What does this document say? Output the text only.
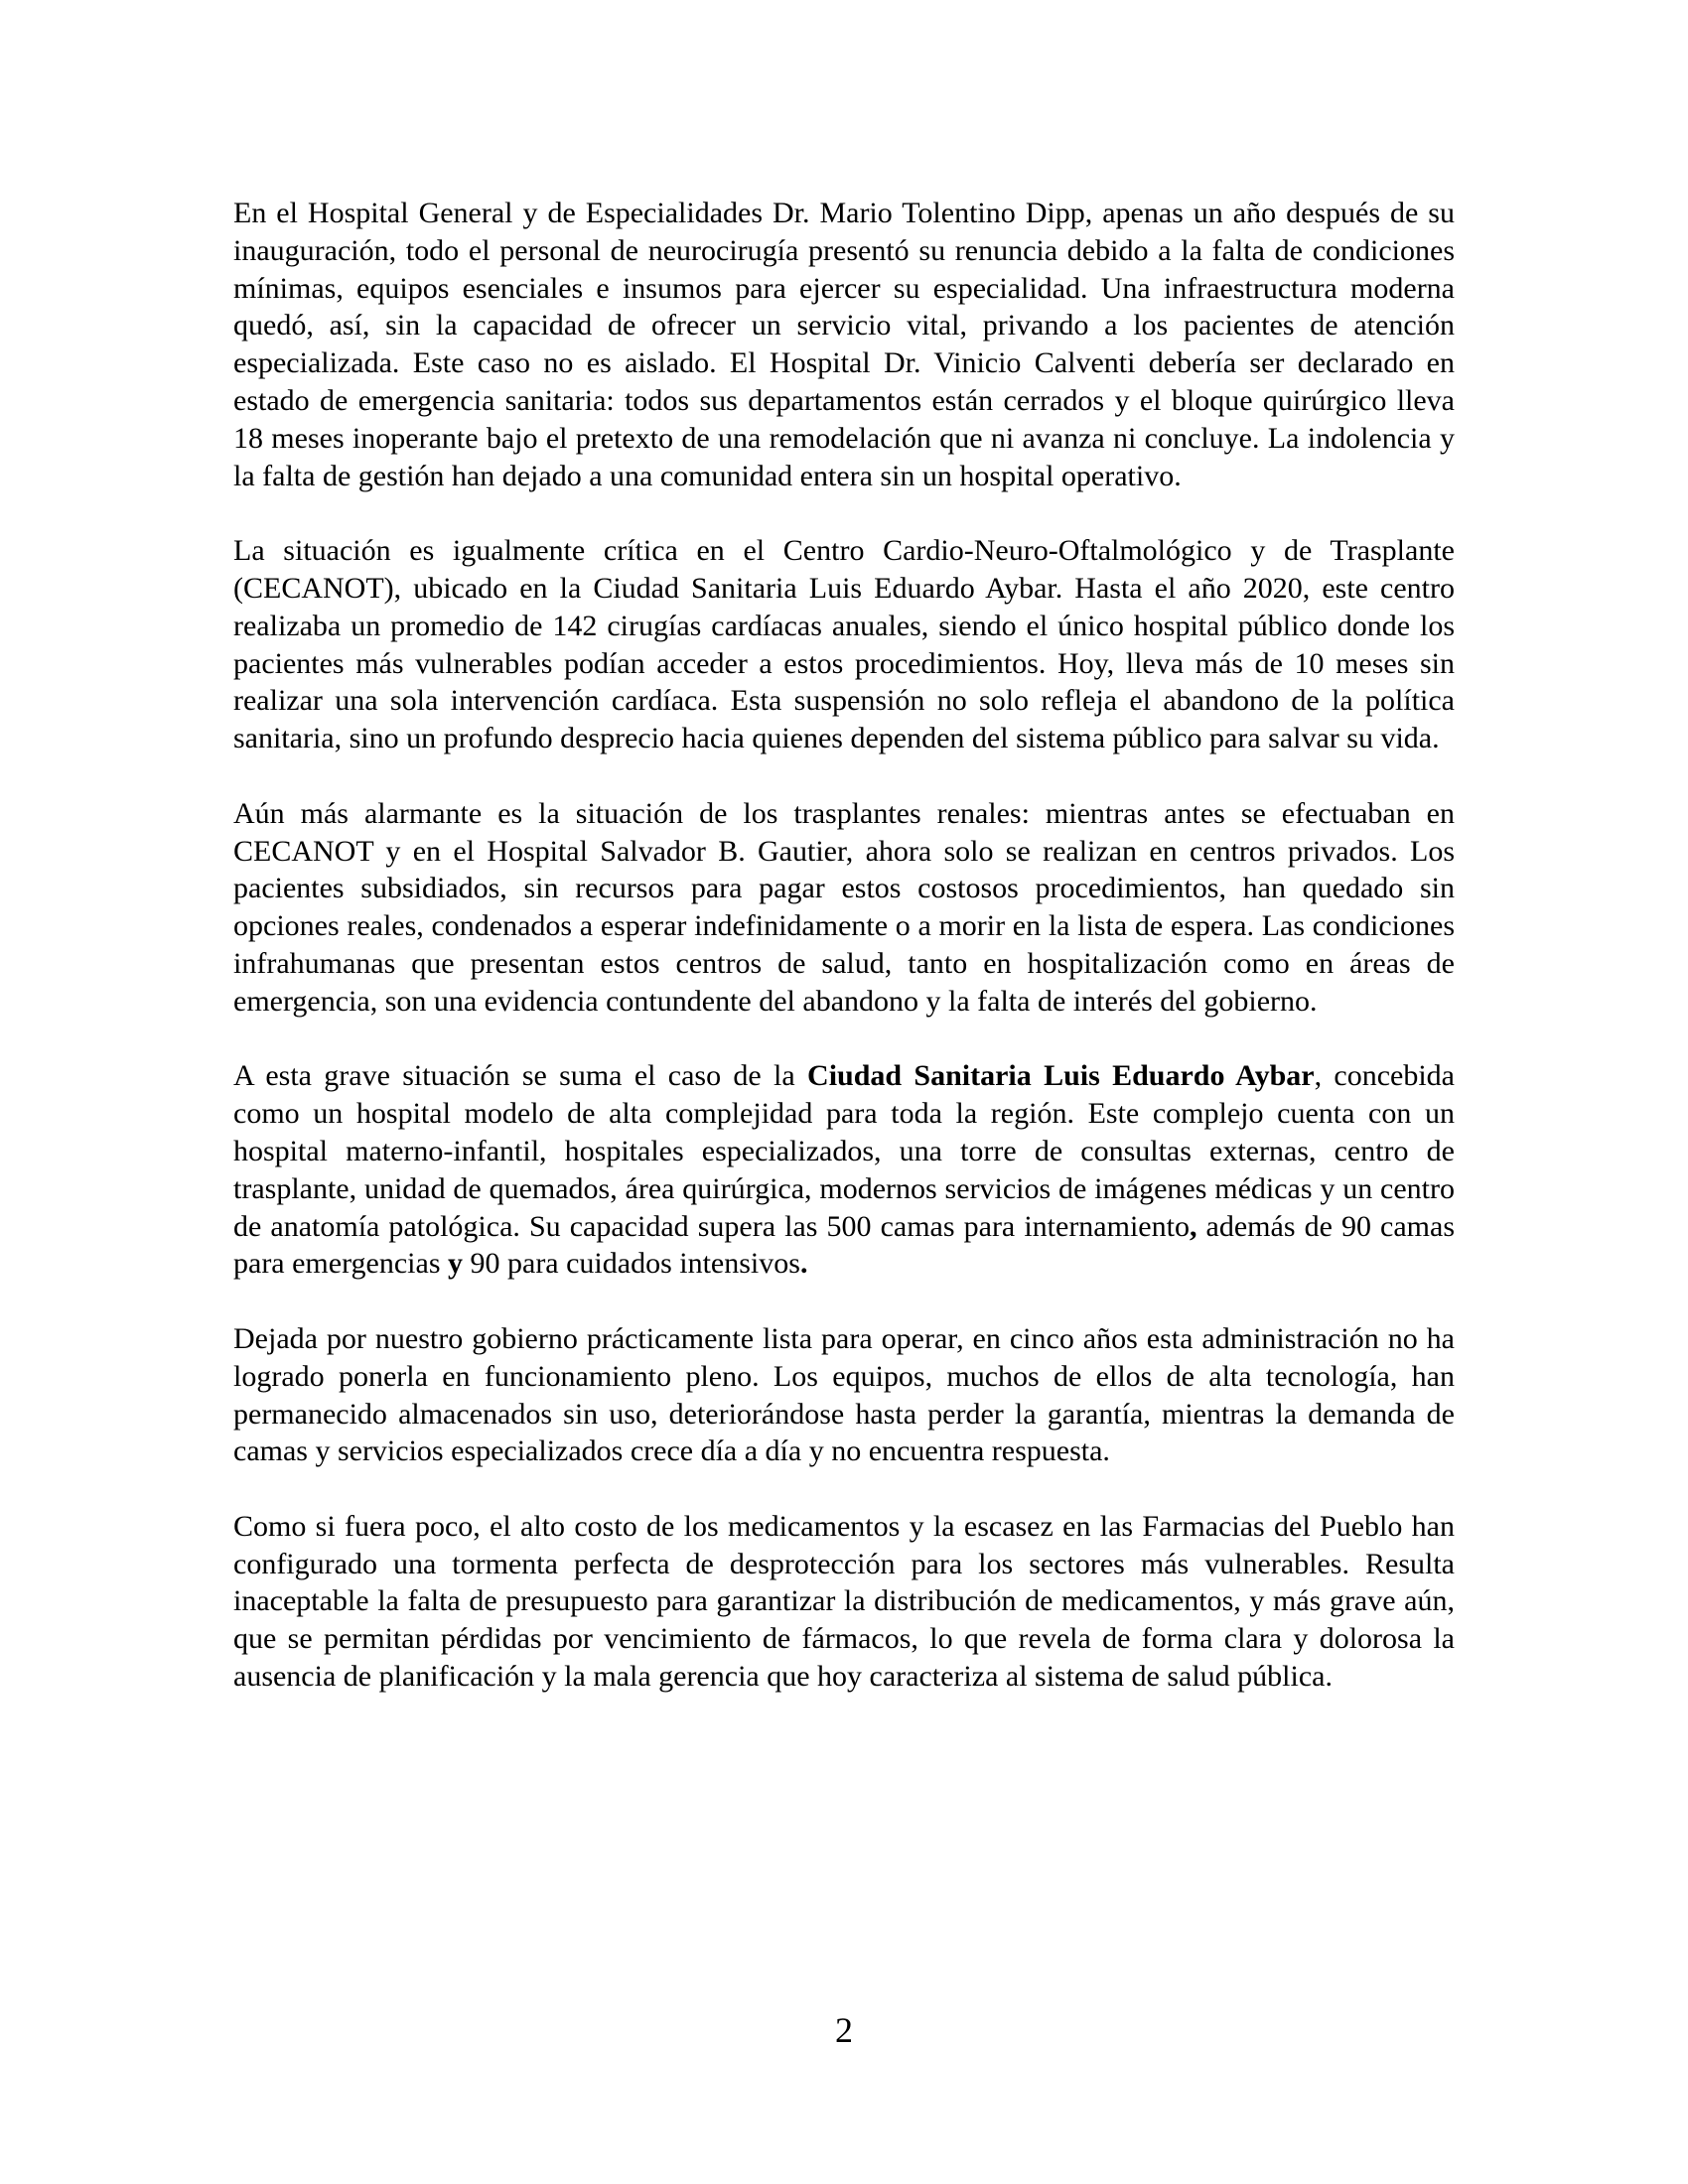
En el Hospital General y de Especialidades Dr. Mario Tolentino Dipp, apenas un año después de su inauguración, todo el personal de neurocirugía presentó su renuncia debido a la falta de condiciones mínimas, equipos esenciales e insumos para ejercer su especialidad. Una infraestructura moderna quedó, así, sin la capacidad de ofrecer un servicio vital, privando a los pacientes de atención especializada. Este caso no es aislado. El Hospital Dr. Vinicio Calventi debería ser declarado en estado de emergencia sanitaria: todos sus departamentos están cerrados y el bloque quirúrgico lleva 18 meses inoperante bajo el pretexto de una remodelación que ni avanza ni concluye. La indolencia y la falta de gestión han dejado a una comunidad entera sin un hospital operativo.

La situación es igualmente crítica en el Centro Cardio-Neuro-Oftalmológico y de Trasplante (CECANOT), ubicado en la Ciudad Sanitaria Luis Eduardo Aybar. Hasta el año 2020, este centro realizaba un promedio de 142 cirugías cardíacas anuales, siendo el único hospital público donde los pacientes más vulnerables podían acceder a estos procedimientos. Hoy, lleva más de 10 meses sin realizar una sola intervención cardíaca. Esta suspensión no solo refleja el abandono de la política sanitaria, sino un profundo desprecio hacia quienes dependen del sistema público para salvar su vida.

Aún más alarmante es la situación de los trasplantes renales: mientras antes se efectuaban en CECANOT y en el Hospital Salvador B. Gautier, ahora solo se realizan en centros privados. Los pacientes subsidiados, sin recursos para pagar estos costosos procedimientos, han quedado sin opciones reales, condenados a esperar indefinidamente o a morir en la lista de espera. Las condiciones infrahumanas que presentan estos centros de salud, tanto en hospitalización como en áreas de emergencia, son una evidencia contundente del abandono y la falta de interés del gobierno.

A esta grave situación se suma el caso de la Ciudad Sanitaria Luis Eduardo Aybar, concebida como un hospital modelo de alta complejidad para toda la región. Este complejo cuenta con un hospital materno-infantil, hospitales especializados, una torre de consultas externas, centro de trasplante, unidad de quemados, área quirúrgica, modernos servicios de imágenes médicas y un centro de anatomía patológica. Su capacidad supera las 500 camas para internamiento, además de 90 camas para emergencias y 90 para cuidados intensivos.

Dejada por nuestro gobierno prácticamente lista para operar, en cinco años esta administración no ha logrado ponerla en funcionamiento pleno. Los equipos, muchos de ellos de alta tecnología, han permanecido almacenados sin uso, deteriorándose hasta perder la garantía, mientras la demanda de camas y servicios especializados crece día a día y no encuentra respuesta.

Como si fuera poco, el alto costo de los medicamentos y la escasez en las Farmacias del Pueblo han configurado una tormenta perfecta de desprotección para los sectores más vulnerables. Resulta inaceptable la falta de presupuesto para garantizar la distribución de medicamentos, y más grave aún, que se permitan pérdidas por vencimiento de fármacos, lo que revela de forma clara y dolorosa la ausencia de planificación y la mala gerencia que hoy caracteriza al sistema de salud pública.

2
